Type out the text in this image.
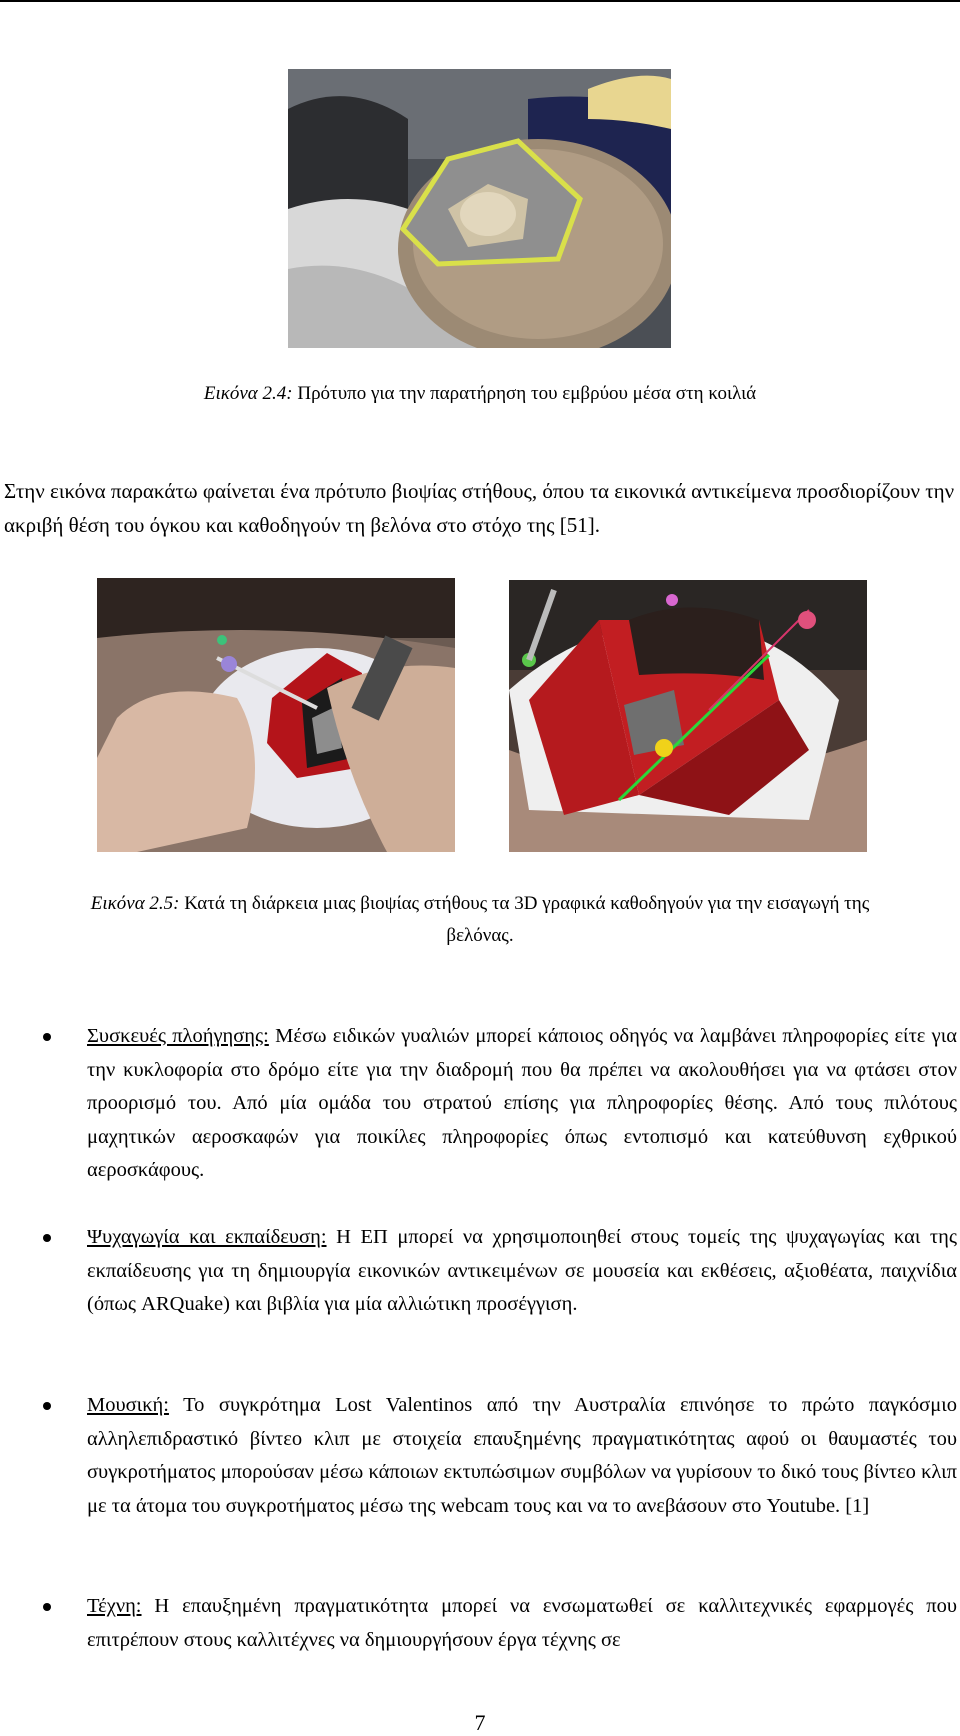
Εικόνα 2.4: Πρότυπο για την παρατήρηση του εμβρύου μέσα στη κοιλιά

Στην εικόνα παρακάτω φαίνεται ένα πρότυπο βιοψίας στήθους, όπου τα εικονικά αντικείμενα προσδιορίζουν την ακριβή θέση του όγκου και καθοδηγούν τη βελόνα στο στόχο της [51].

Εικόνα 2.5: Κατά τη διάρκεια μιας βιοψίας στήθους τα 3D γραφικά καθοδηγούν για την εισαγωγή της
βελόνας.
Συσκευές πλοήγησης: Μέσω ειδικών γυαλιών μπορεί κάποιος οδηγός να λαμβάνει πληροφορίες είτε για την κυκλοφορία στο δρόμο είτε για την διαδρομή που θα πρέπει να ακολουθήσει για να φτάσει στον προορισμό του. Από μία ομάδα του στρατού επίσης για πληροφορίες θέσης. Από τους πιλότους μαχητικών αεροσκαφών για ποικίλες πληροφορίες όπως εντοπισμό και κατεύθυνση εχθρικού αεροσκάφους.
Ψυχαγωγία και εκπαίδευση: Η ΕΠ μπορεί να χρησιμοποιηθεί στους τομείς της ψυχαγωγίας και της εκπαίδευσης για τη δημιουργία εικονικών αντικειμένων σε μουσεία και εκθέσεις, αξιοθέατα, παιχνίδια (όπως ARQuake) και βιβλία για μία αλλιώτικη προσέγγιση.
Μουσική: Το συγκρότημα Lost Valentinos από την Αυστραλία επινόησε το πρώτο παγκόσμιο αλληλεπιδραστικό βίντεο κλιπ με στοιχεία επαυξημένης πραγματικότητας αφού οι θαυμαστές του συγκροτήματος μπορούσαν μέσω κάποιων εκτυπώσιμων συμβόλων να γυρίσουν το δικό τους βίντεο κλιπ με τα άτομα του συγκροτήματος μέσω της webcam τους και να το ανεβάσουν στο Youtube. [1]
Τέχνη: Η επαυξημένη πραγματικότητα μπορεί να ενσωματωθεί σε καλλιτεχνικές εφαρμογές που επιτρέπουν στους καλλιτέχνες να δημιουργήσουν έργα τέχνης σε
7
